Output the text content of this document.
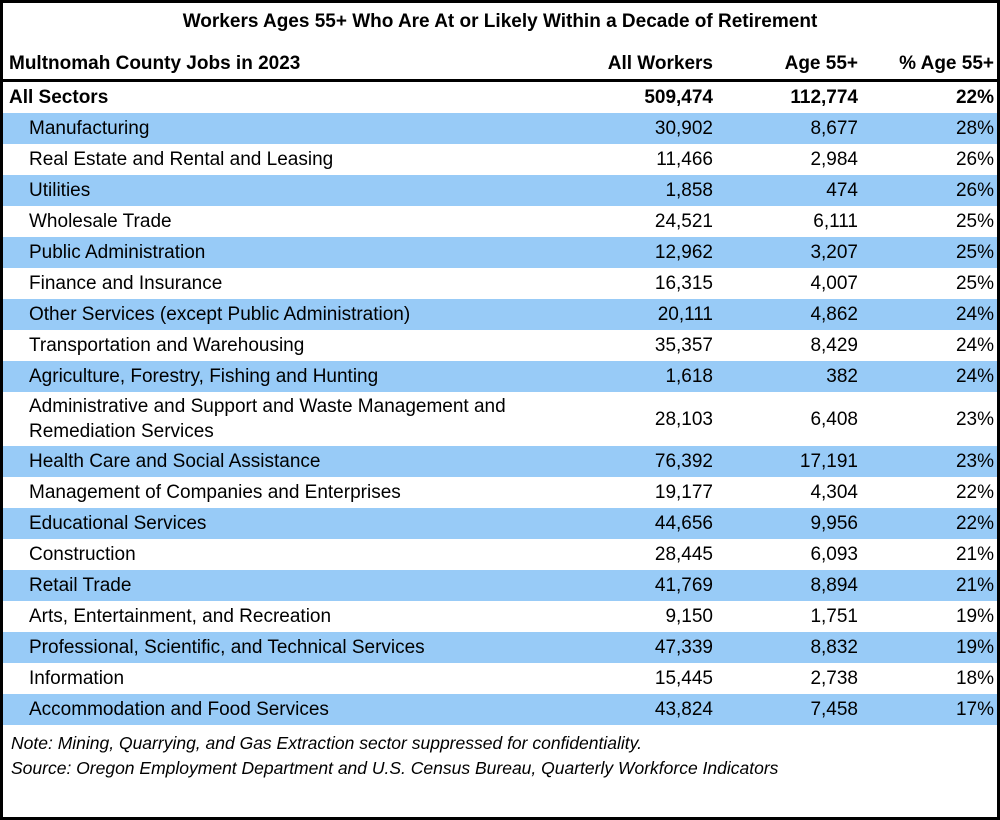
Workers Ages 55+ Who Are At or Likely Within a Decade of Retirement
Multnomah County Jobs in 2023	All Workers	Age 55+	% Age 55+
All Sectors	509,474	112,774	22%
Manufacturing	30,902	8,677	28%
Real Estate and Rental and Leasing	11,466	2,984	26%
Utilities	1,858	474	26%
Wholesale Trade	24,521	6,111	25%
Public Administration	12,962	3,207	25%
Finance and Insurance	16,315	4,007	25%
Other Services (except Public Administration)	20,111	4,862	24%
Transportation and Warehousing	35,357	8,429	24%
Agriculture, Forestry, Fishing and Hunting	1,618	382	24%
Administrative and Support and Waste Management and Remediation Services	28,103	6,408	23%
Health Care and Social Assistance	76,392	17,191	23%
Management of Companies and Enterprises	19,177	4,304	22%
Educational Services	44,656	9,956	22%
Construction	28,445	6,093	21%
Retail Trade	41,769	8,894	21%
Arts, Entertainment, and Recreation	9,150	1,751	19%
Professional, Scientific, and Technical Services	47,339	8,832	19%
Information	15,445	2,738	18%
Accommodation and Food Services	43,824	7,458	17%
Note: Mining, Quarrying, and Gas Extraction sector suppressed for confidentiality.
Source: Oregon Employment Department and U.S. Census Bureau, Quarterly Workforce Indicators
